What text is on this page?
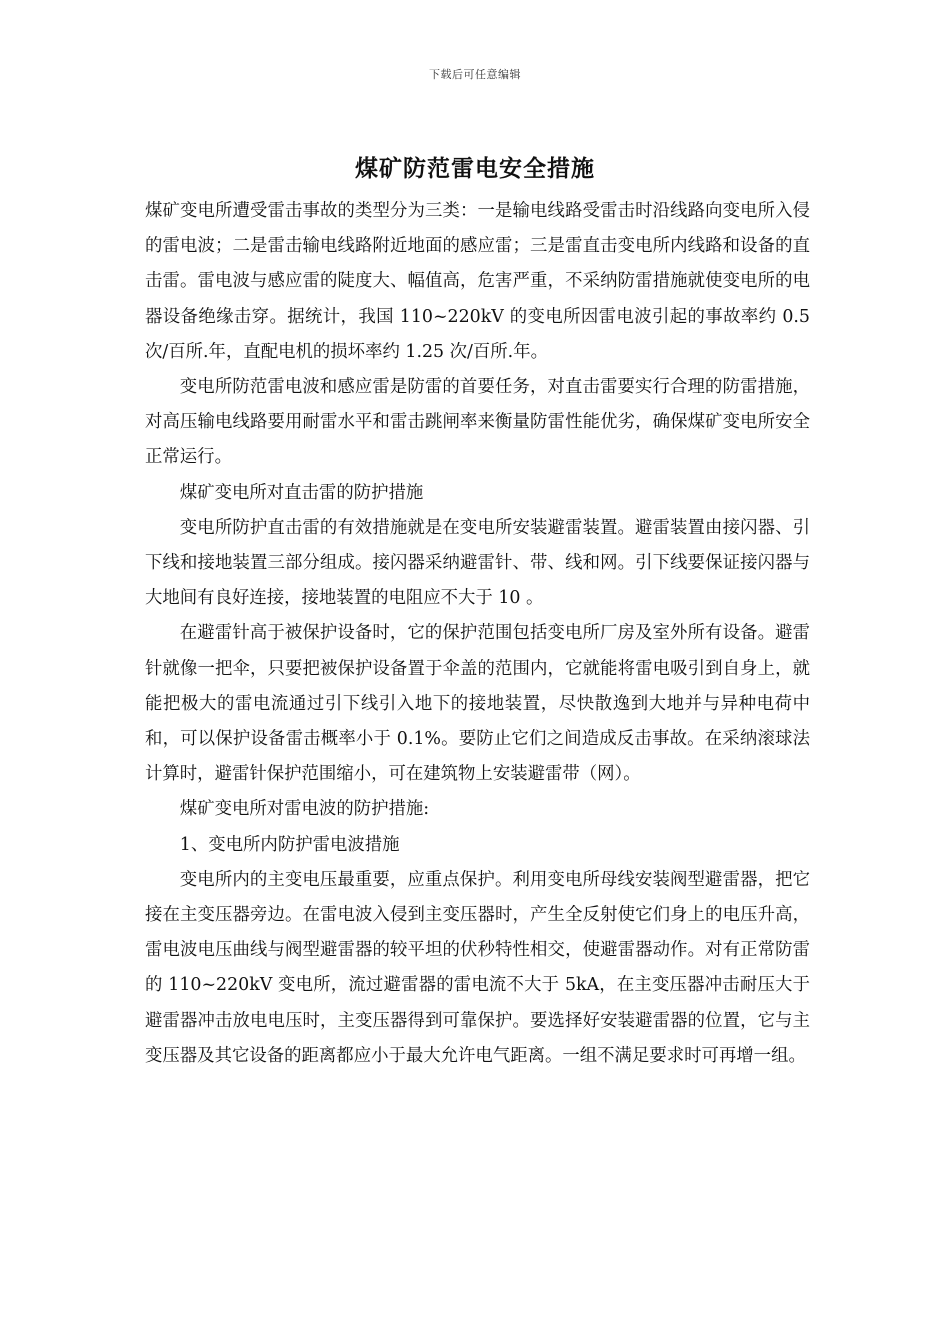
下载后可任意编辑
煤矿防范雷电安全措施

煤矿变电所遭受雷击事故的类型分为三类：一是输电线路受雷击时沿线路向变电所入侵的雷电波；二是雷击输电线路附近地面的感应雷；三是雷直击变电所内线路和设备的直击雷。雷电波与感应雷的陡度大、幅值高，危害严重，不采纳防雷措施就使变电所的电器设备绝缘击穿。据统计，我国 110~220kV 的变电所因雷电波引起的事故率约 0.5 次/百所.年，直配电机的损坏率约 1.25 次/百所.年。

变电所防范雷电波和感应雷是防雷的首要任务，对直击雷要实行合理的防雷措施，对高压输电线路要用耐雷水平和雷击跳闸率来衡量防雷性能优劣，确保煤矿变电所安全正常运行。

煤矿变电所对直击雷的防护措施

变电所防护直击雷的有效措施就是在变电所安装避雷装置。避雷装置由接闪器、引下线和接地装置三部分组成。接闪器采纳避雷针、带、线和网。引下线要保证接闪器与大地间有良好连接，接地装置的电阻应不大于 10 。

在避雷针高于被保护设备时，它的保护范围包括变电所厂房及室外所有设备。避雷针就像一把伞，只要把被保护设备置于伞盖的范围内，它就能将雷电吸引到自身上，就能把极大的雷电流通过引下线引入地下的接地装置，尽快散逸到大地并与异种电荷中和，可以保护设备雷击概率小于 0.1%。要防止它们之间造成反击事故。在采纳滚球法计算时，避雷针保护范围缩小，可在建筑物上安装避雷带（网）。

煤矿变电所对雷电波的防护措施:

1、变电所内防护雷电波措施

变电所内的主变电压最重要，应重点保护。利用变电所母线安装阀型避雷器，把它接在主变压器旁边。在雷电波入侵到主变压器时，产生全反射使它们身上的电压升高，雷电波电压曲线与阀型避雷器的较平坦的伏秒特性相交，使避雷器动作。对有正常防雷的 110~220kV 变电所，流过避雷器的雷电流不大于 5kA，在主变压器冲击耐压大于避雷器冲击放电电压时，主变压器得到可靠保护。要选择好安装避雷器的位置，它与主变压器及其它设备的距离都应小于最大允许电气距离。一组不满足要求时可再增一组。
